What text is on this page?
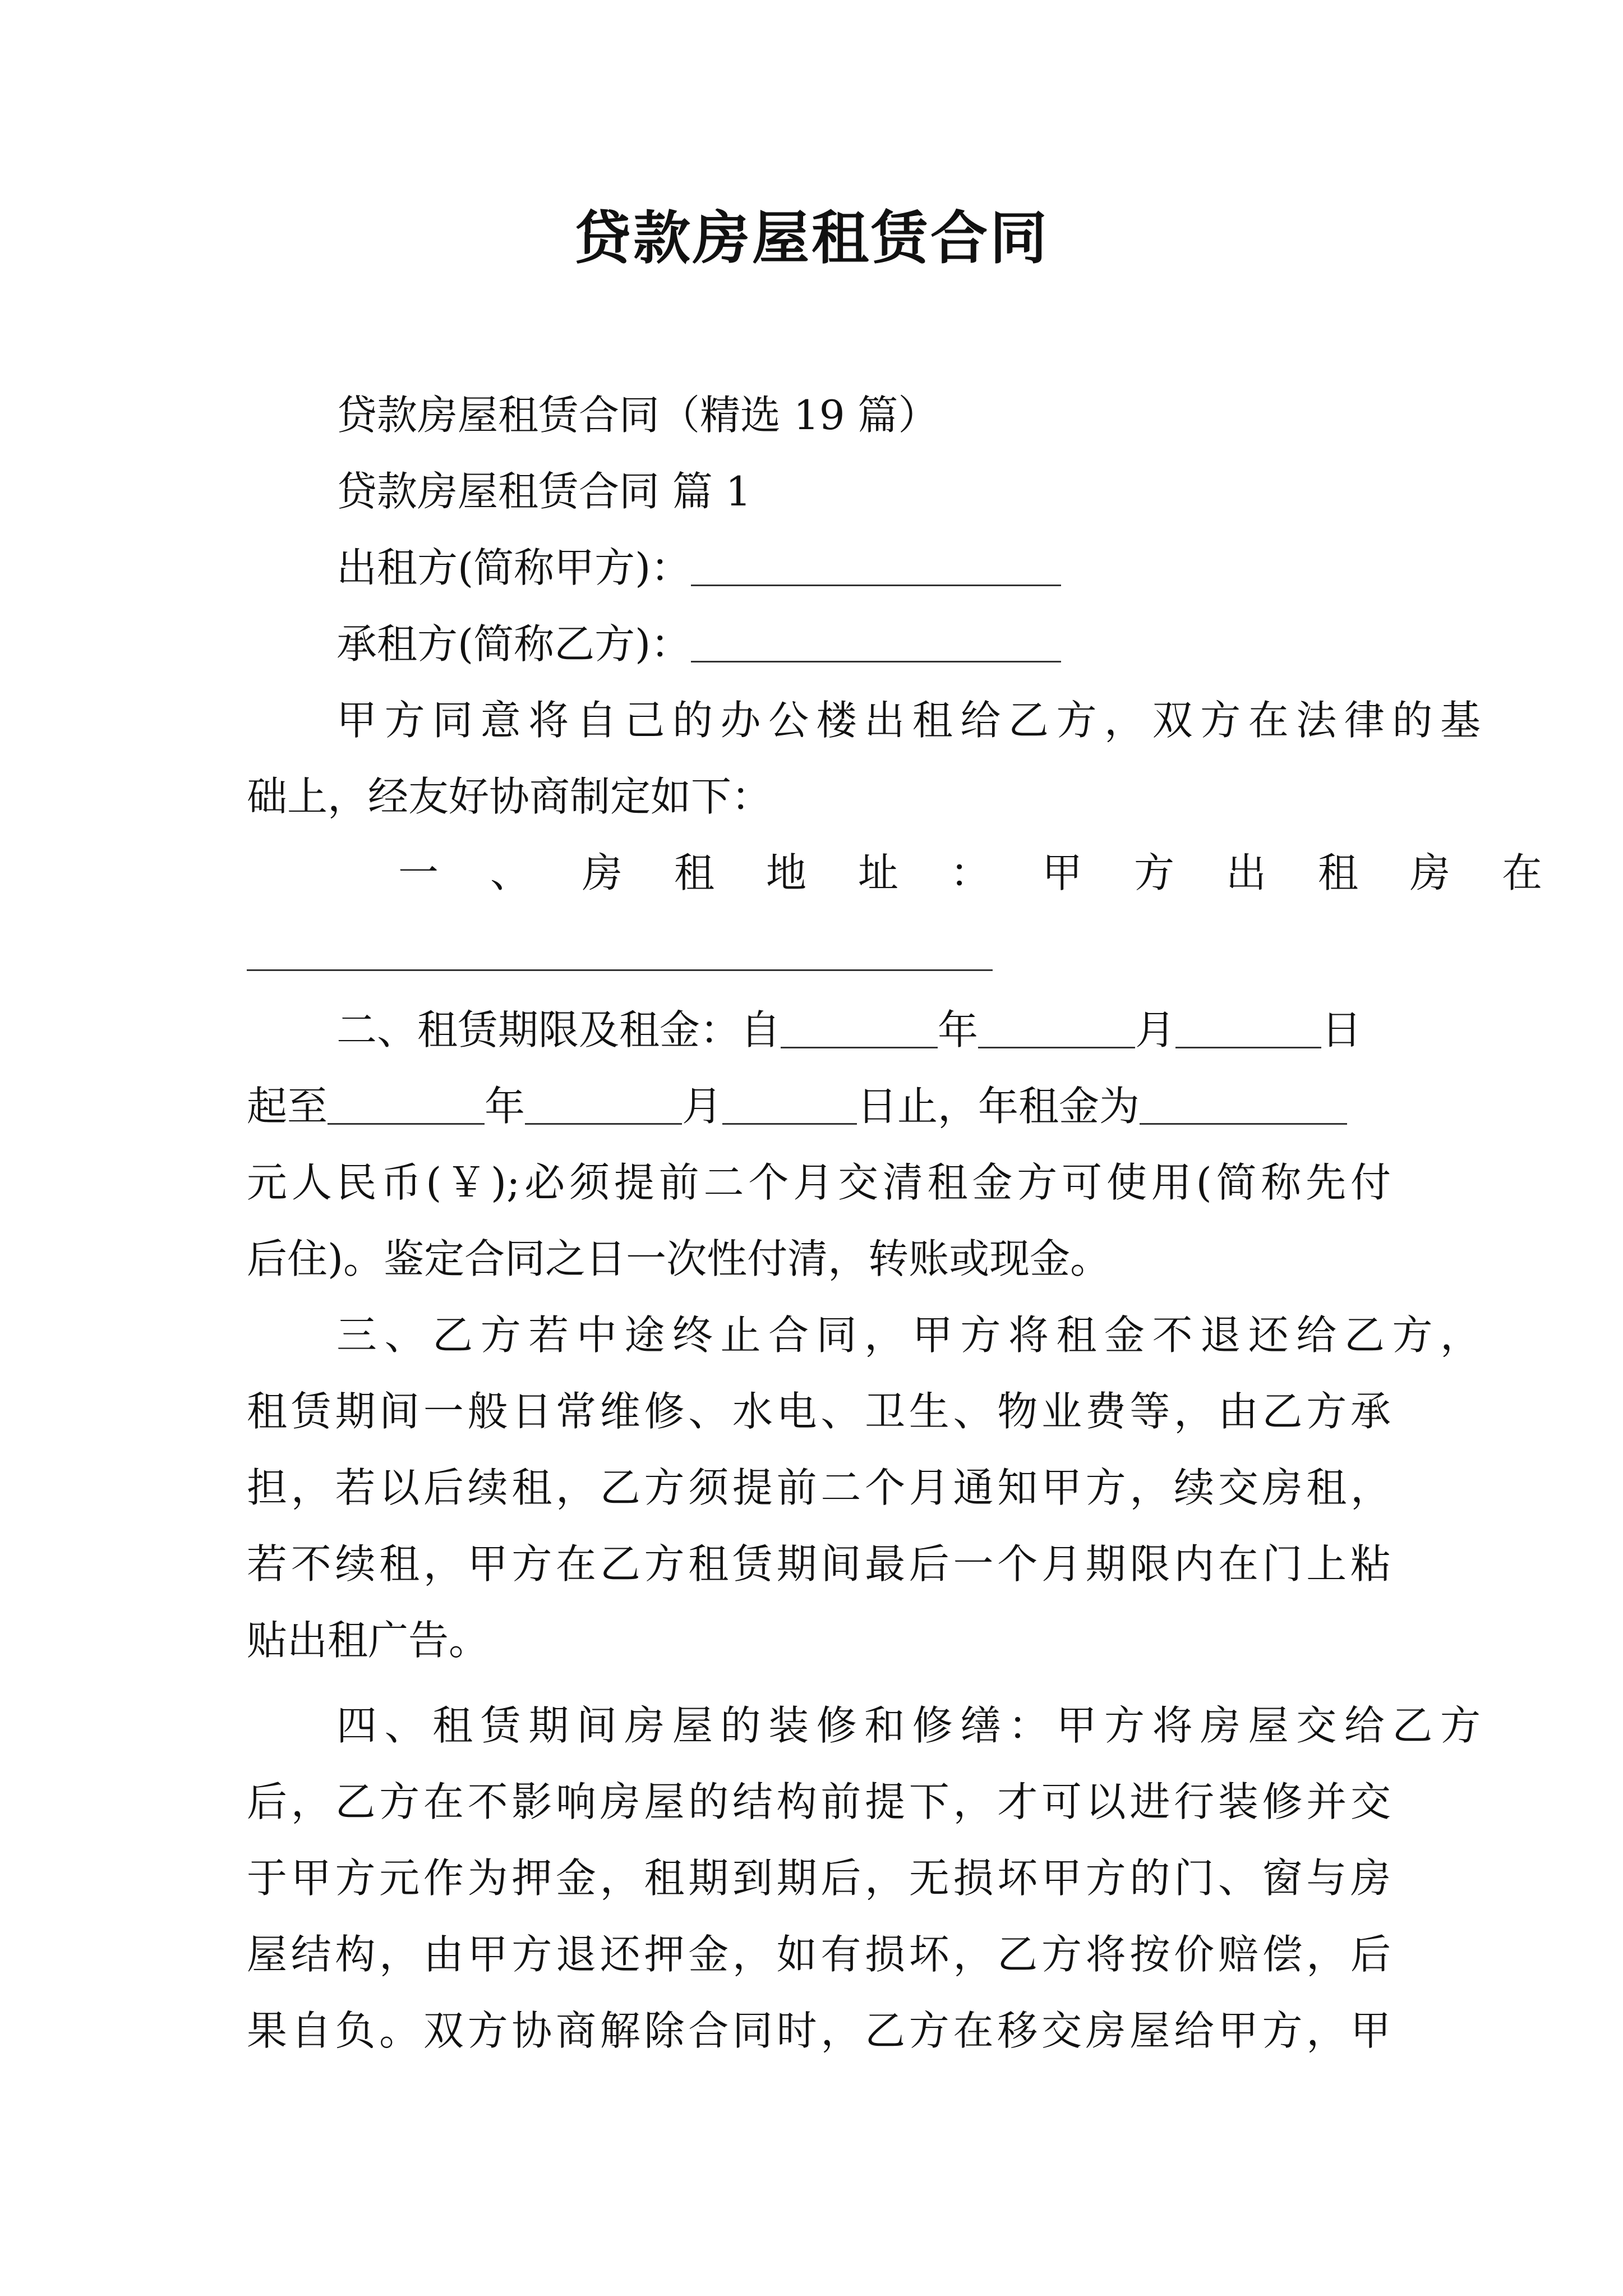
贷款房屋租赁合同
贷款房屋租赁合同（精选 19 篇）
贷款房屋租赁合同 篇 1
出租方(简称甲方)：
承租方(简称乙方)：
甲方同意将自己的办公楼出租给乙方，双方在法律的基
础上，经友好协商制定如下：
一 、 房 租 地 址 ： 甲 方 出 租 房 在
二、租赁期限及租金：自	年	月	日
起至	年	月	日止，年租金为
元人民币(￥);必须提前二个月交清租金方可使用(简称先付
后住)。鉴定合同之日一次性付清，转账或现金。
三、乙方若中途终止合同，甲方将租金不退还给乙方，
租赁期间一般日常维修、水电、卫生、物业费等，由乙方承
担，若以后续租，乙方须提前二个月通知甲方，续交房租，
若不续租，甲方在乙方租赁期间最后一个月期限内在门上粘
贴出租广告。
四、租赁期间房屋的装修和修缮：甲方将房屋交给乙方
后，乙方在不影响房屋的结构前提下，才可以进行装修并交
于甲方元作为押金，租期到期后，无损坏甲方的门、窗与房
屋结构，由甲方退还押金，如有损坏，乙方将按价赔偿，后
果自负。双方协商解除合同时，乙方在移交房屋给甲方，甲
